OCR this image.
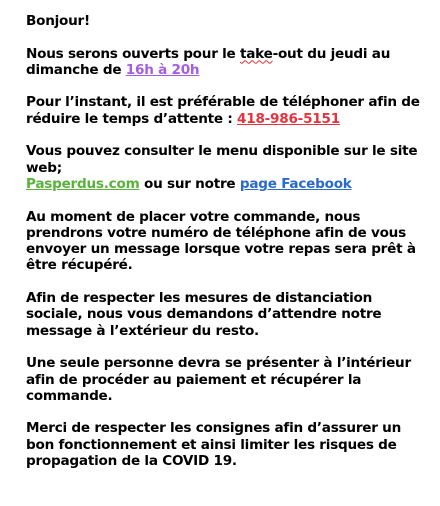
Bonjour!

Nous serons ouverts pour le take-out du jeudi au dimanche de 16h à 20h

Pour l’instant, il est préférable de téléphoner afin de réduire le temps d’attente : 418-986-5151

Vous pouvez consulter le menu disponible sur le site web;
Pasperdus.com ou sur notre page Facebook

Au moment de placer votre commande, nous prendrons votre numéro de téléphone afin de vous envoyer un message lorsque votre repas sera prêt à être récupéré.

Afin de respecter les mesures de distanciation sociale, nous vous demandons d’attendre notre message à l’extérieur du resto.

Une seule personne devra se présenter à l’intérieur afin de procéder au paiement et récupérer la commande.

Merci de respecter les consignes afin d’assurer un bon fonctionnement et ainsi limiter les risques de propagation de la COVID 19.
